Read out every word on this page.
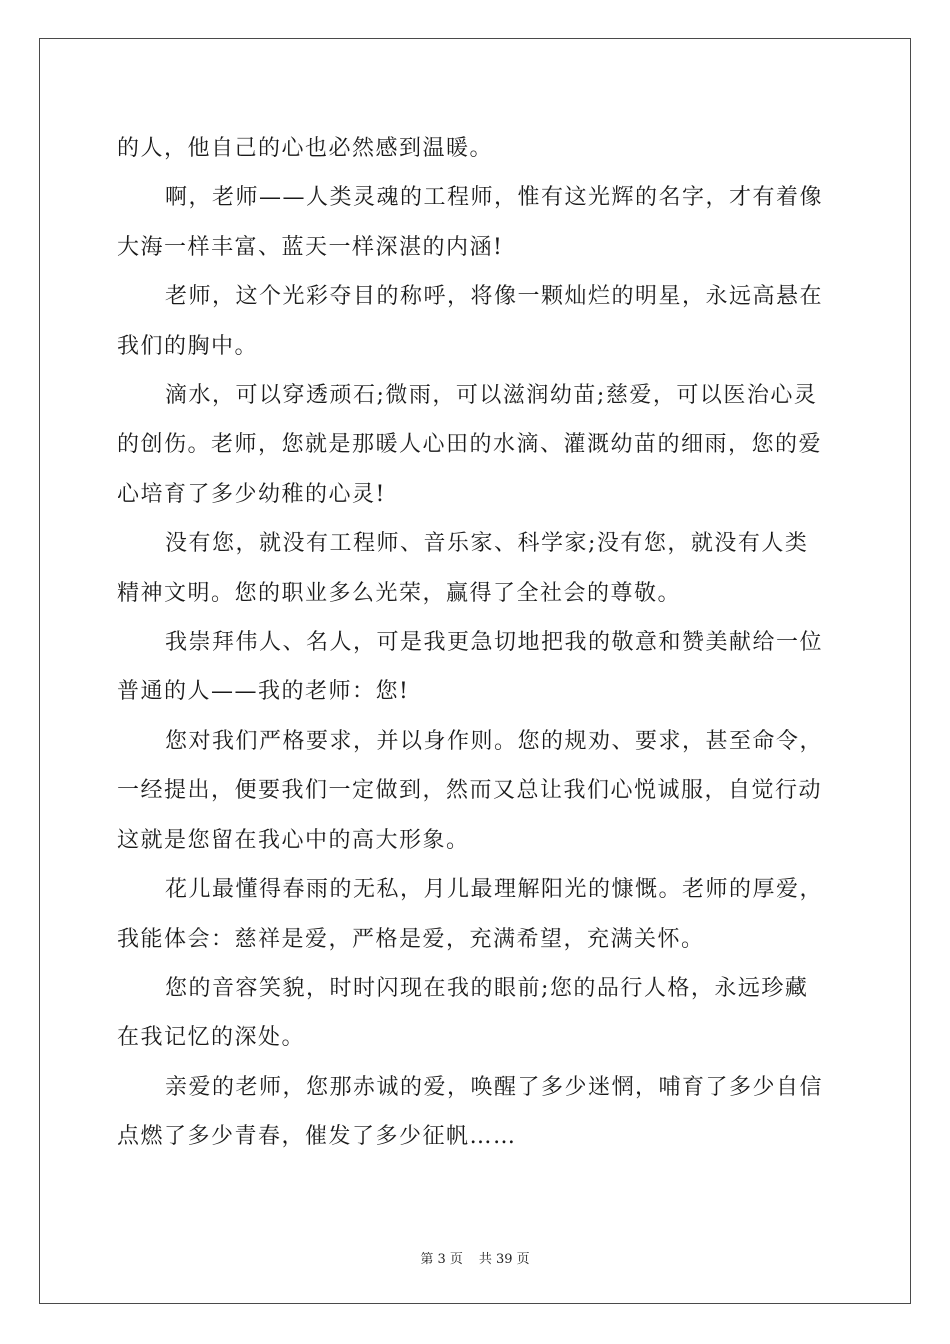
的人，他自己的心也必然感到温暖。

啊，老师——人类灵魂的工程师，惟有这光辉的名字，才有着像
大海一样丰富、蓝天一样深湛的内涵!

老师，这个光彩夺目的称呼，将像一颗灿烂的明星，永远高悬在
我们的胸中。

滴水，可以穿透顽石;微雨，可以滋润幼苗;慈爱，可以医治心灵
的创伤。老师，您就是那暖人心田的水滴、灌溉幼苗的细雨，您的爱
心培育了多少幼稚的心灵!

没有您，就没有工程师、音乐家、科学家;没有您，就没有人类
精神文明。您的职业多么光荣，赢得了全社会的尊敬。

我崇拜伟人、名人，可是我更急切地把我的敬意和赞美献给一位
普通的人——我的老师：您!

您对我们严格要求，并以身作则。您的规劝、要求，甚至命令，
一经提出，便要我们一定做到，然而又总让我们心悦诚服，自觉行动
这就是您留在我心中的高大形象。

花儿最懂得春雨的无私，月儿最理解阳光的慷慨。老师的厚爱，
我能体会：慈祥是爱，严格是爱，充满希望，充满关怀。

您的音容笑貌，时时闪现在我的眼前;您的品行人格，永远珍藏
在我记忆的深处。

亲爱的老师，您那赤诚的爱，唤醒了多少迷惘，哺育了多少自信
点燃了多少青春，催发了多少征帆……

第 3 页 共 39 页
